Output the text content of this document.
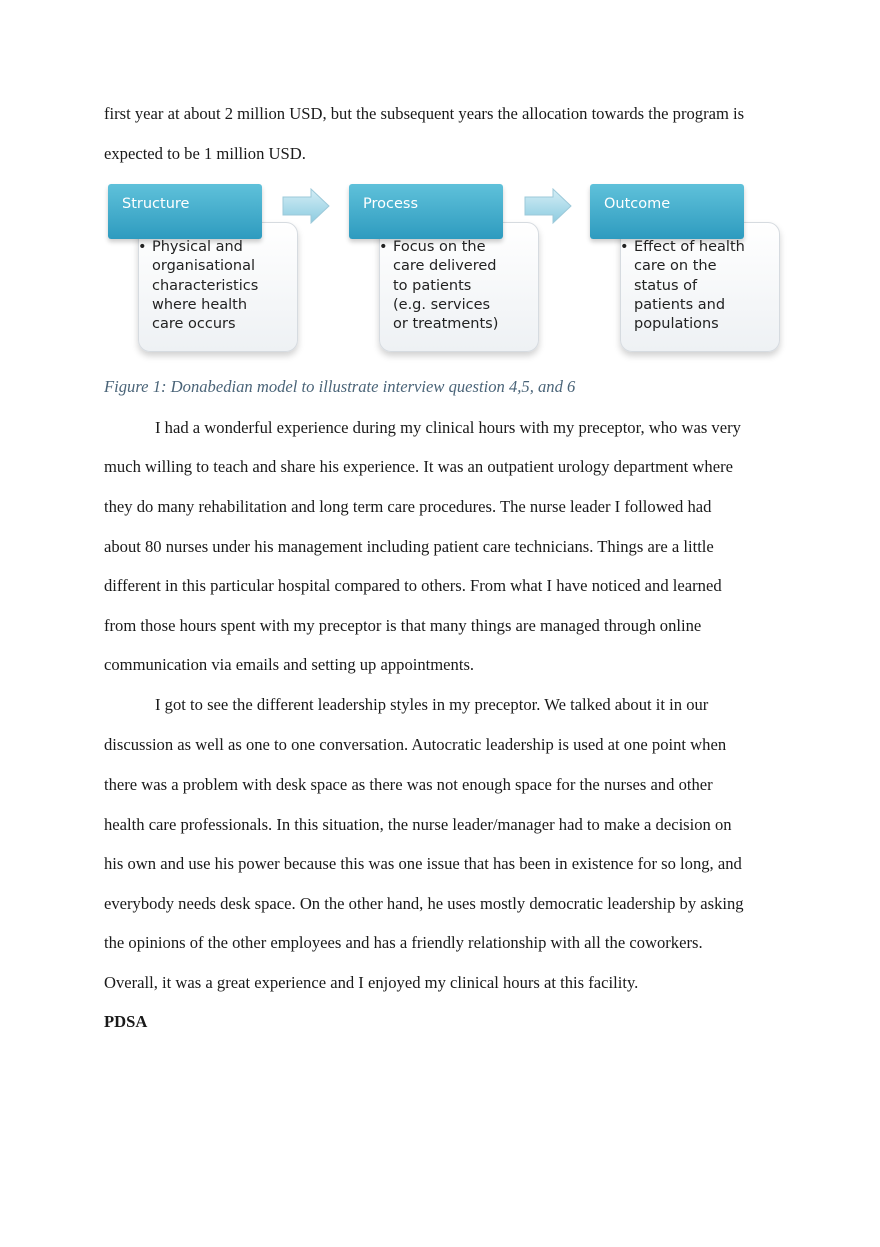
first year at about 2 million USD, but the subsequent years the allocation towards the program is
expected to be 1 million USD.
Structure
• Physical and
organisational
characteristics
where health
care occurs
Process
• Focus on the
care delivered
to patients
(e.g. services
or treatments)
Outcome
• Effect of health
care on the
status of
patients and
populations
Figure 1: Donabedian model to illustrate interview question 4,5, and 6
I had a wonderful experience during my clinical hours with my preceptor, who was very
much willing to teach and share his experience. It was an outpatient urology department where
they do many rehabilitation and long term care procedures. The nurse leader I followed had
about 80 nurses under his management including patient care technicians. Things are a little
different in this particular hospital compared to others. From what I have noticed and learned
from those hours spent with my preceptor is that many things are managed through online
communication via emails and setting up appointments.
I got to see the different leadership styles in my preceptor. We talked about it in our
discussion as well as one to one conversation. Autocratic leadership is used at one point when
there was a problem with desk space as there was not enough space for the nurses and other
health care professionals. In this situation, the nurse leader/manager had to make a decision on
his own and use his power because this was one issue that has been in existence for so long, and
everybody needs desk space. On the other hand, he uses mostly democratic leadership by asking
the opinions of the other employees and has a friendly relationship with all the coworkers.
Overall, it was a great experience and I enjoyed my clinical hours at this facility.
PDSA
